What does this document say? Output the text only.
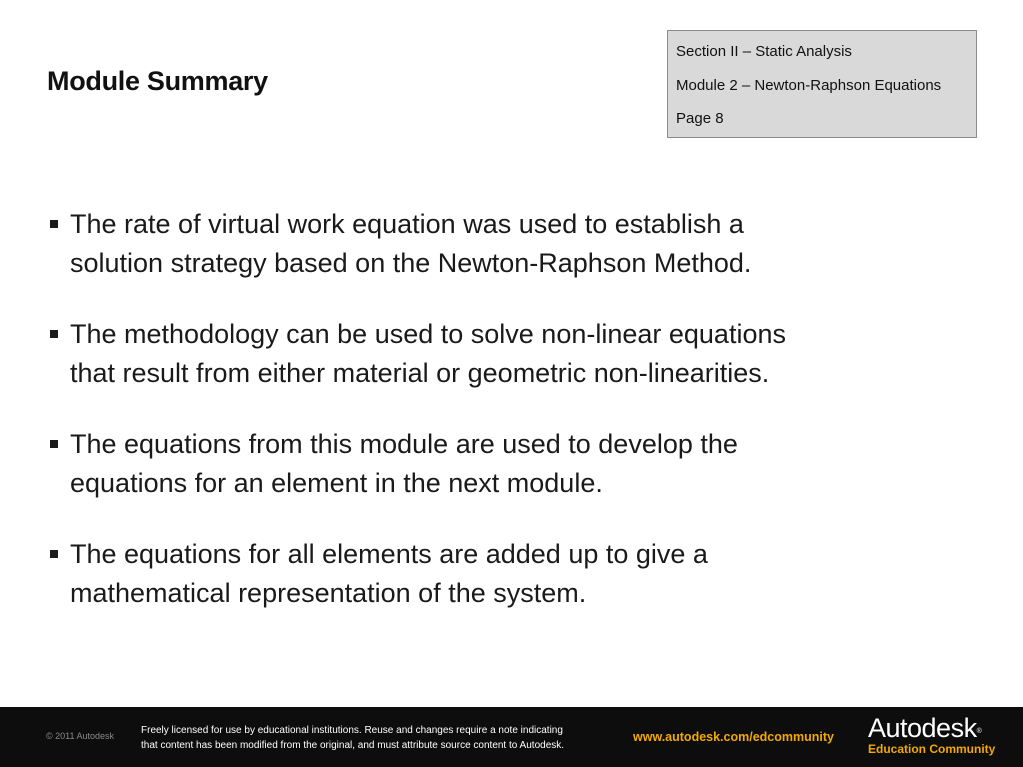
Module Summary
Section II – Static Analysis
Module 2 – Newton-Raphson Equations
Page 8
The rate of virtual work equation was used to establish a
solution strategy based on the Newton-Raphson Method.
The methodology can be used to solve non-linear equations
that result from either material or geometric non-linearities.
The equations from this module are used to develop the
equations for an element in the next module.
The equations for all elements are added up to give a
mathematical representation of the system.
© 2011 Autodesk	Freely licensed for use by educational institutions. Reuse and changes require a note indicating
that content has been modified from the original, and must attribute source content to Autodesk.
www.autodesk.com/edcommunity Autodesk®
Education Community
